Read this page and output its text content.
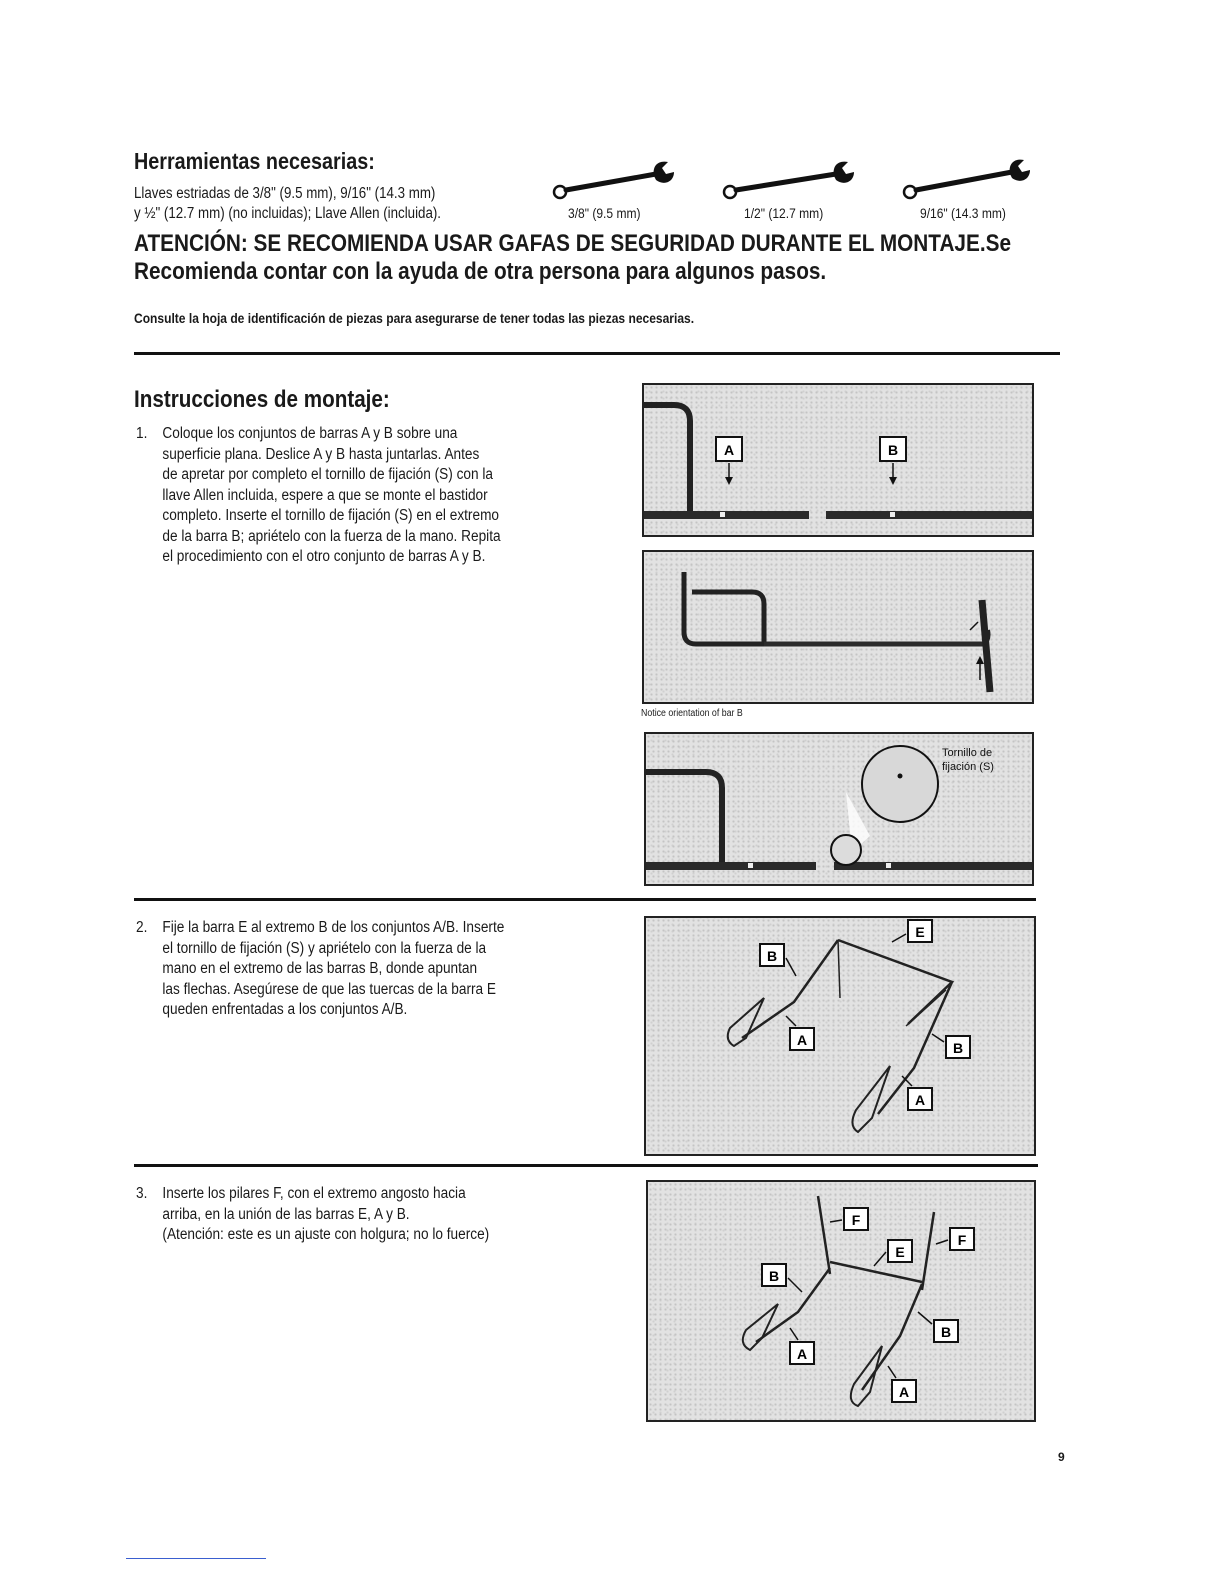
Herramientas necesarias:
Llaves estriadas de 3/8" (9.5 mm), 9/16" (14.3 mm)
y ½" (12.7 mm) (no incluidas); Llave Allen (incluida).	3/8" (9.5 mm)	1/2" (12.7 mm)	9/16" (14.3 mm)
ATENCIÓN: SE RECOMIENDA USAR GAFAS DE SEGURIDAD DURANTE EL MONTAJE.Se
Recomienda contar con la ayuda de otra persona para algunos pasos.
Consulte la hoja de identificación de piezas para asegurarse de tener todas las piezas necesarias.
Instrucciones de montaje:
1. Coloque los conjuntos de barras A y B sobre una
superficie plana. Deslice A y B hasta juntarlas. Antes
de apretar por completo el tornillo de fijación (S) con la
llave Allen incluida, espere a que se monte el bastidor
completo. Inserte el tornillo de fijación (S) en el extremo
de la barra B; apriételo con la fuerza de la mano. Repita
el procedimiento con el otro conjunto de barras A y B.
A	B
Notice orientation of bar B
Tornillo de
fijación (S)
2. Fije la barra E al extremo B de los conjuntos A/B. Inserte
el tornillo de fijación (S) y apriételo con la fuerza de la
mano en el extremo de las barras B, donde apuntan
las flechas. Asegúrese de que las tuercas de la barra E
queden enfrentadas a los conjuntos A/B.
E
B
A	B
A
3. Inserte los pilares F, con el extremo angosto hacia
arriba, en la unión de las barras E, A y B.
(Atención: este es un ajuste con holgura; no lo fuerce)
F
E
F
B
B
A
A
9
